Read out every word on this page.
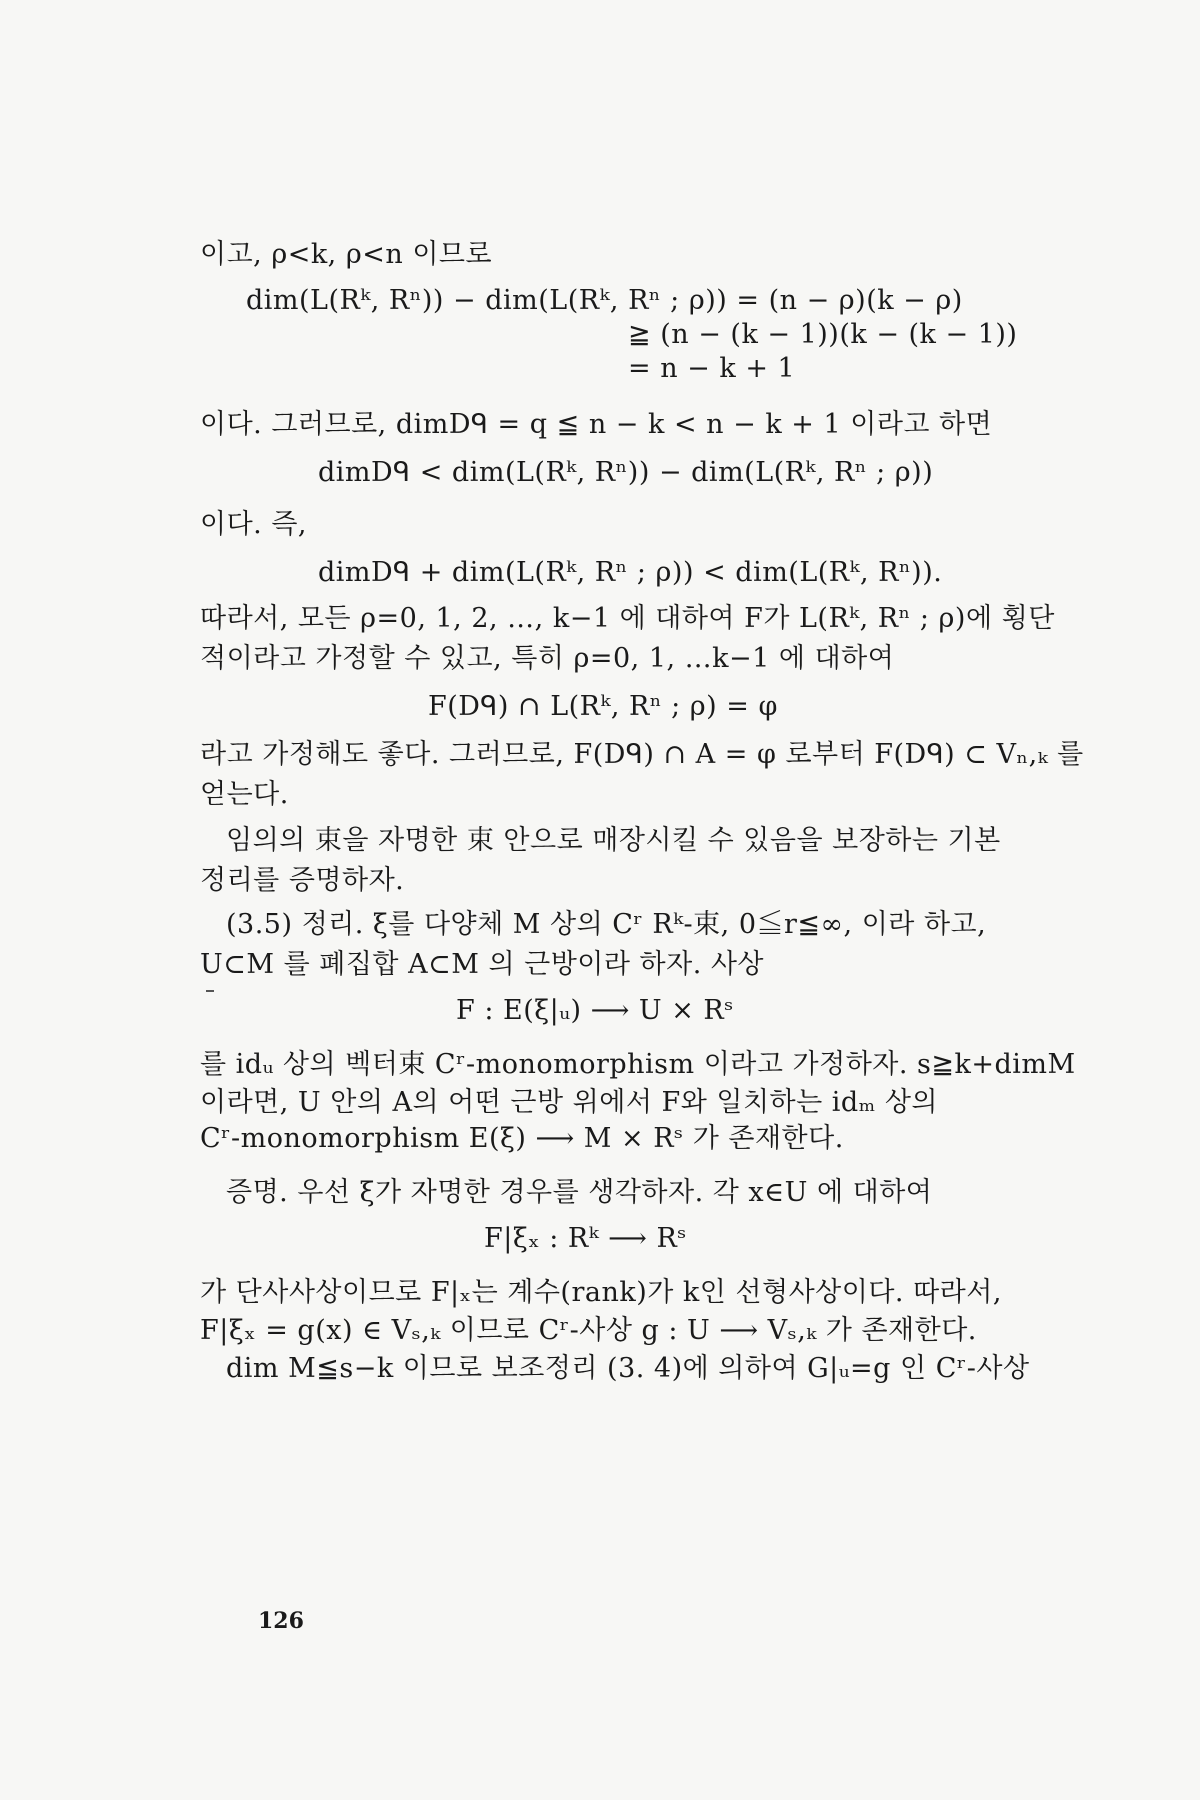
이고, ρ<k, ρ<n 이므로
dim(L(Rᵏ, Rⁿ)) − dim(L(Rᵏ, Rⁿ ; ρ)) = (n − ρ)(k − ρ)
≧ (n − (k − 1))(k − (k − 1))
= n − k + 1
이다. 그러므로, dimDᑫ = q ≦ n − k < n − k + 1 이라고 하면
dimDᑫ < dim(L(Rᵏ, Rⁿ)) − dim(L(Rᵏ, Rⁿ ; ρ))
이다. 즉,
dimDᑫ + dim(L(Rᵏ, Rⁿ ; ρ)) < dim(L(Rᵏ, Rⁿ)).
따라서, 모든 ρ=0, 1, 2, …, k−1 에 대하여 F가 L(Rᵏ, Rⁿ ; ρ)에 횡단
적이라고 가정할 수 있고, 특히 ρ=0, 1, …k−1 에 대하여
F(Dᑫ) ∩ L(Rᵏ, Rⁿ ; ρ) = φ
라고 가정해도 좋다. 그러므로, F(Dᑫ) ∩ A = φ 로부터 F(Dᑫ) ⊂ Vₙ,ₖ 를
얻는다.
임의의 束을 자명한 束 안으로 매장시킬 수 있음을 보장하는 기본
정리를 증명하자.
(3.5) 정리. ξ를 다양체 M 상의 Cʳ Rᵏ-束, 0≦r≦∞, 이라 하고,
U⊂M 를 폐집합 A⊂M 의 근방이라 하자. 사상
F : E(ξ|ᵤ) ⟶ U × Rˢ
를 idᵤ 상의 벡터束 Cʳ-monomorphism 이라고 가정하자. s≧k+dimM
이라면, U 안의 A의 어떤 근방 위에서 F와 일치하는 idₘ 상의
Cʳ-monomorphism E(ξ) ⟶ M × Rˢ 가 존재한다.
증명. 우선 ξ가 자명한 경우를 생각하자. 각 x∈U 에 대하여
F|ξₓ : Rᵏ ⟶ Rˢ
가 단사사상이므로 F|ₓ는 계수(rank)가 k인 선형사상이다. 따라서,
F|ξₓ = g(x) ∈ Vₛ,ₖ 이므로 Cʳ-사상 g : U ⟶ Vₛ,ₖ 가 존재한다.
dim M≦s−k 이므로 보조정리 (3. 4)에 의하여 G|ᵤ=g 인 Cʳ-사상
126
